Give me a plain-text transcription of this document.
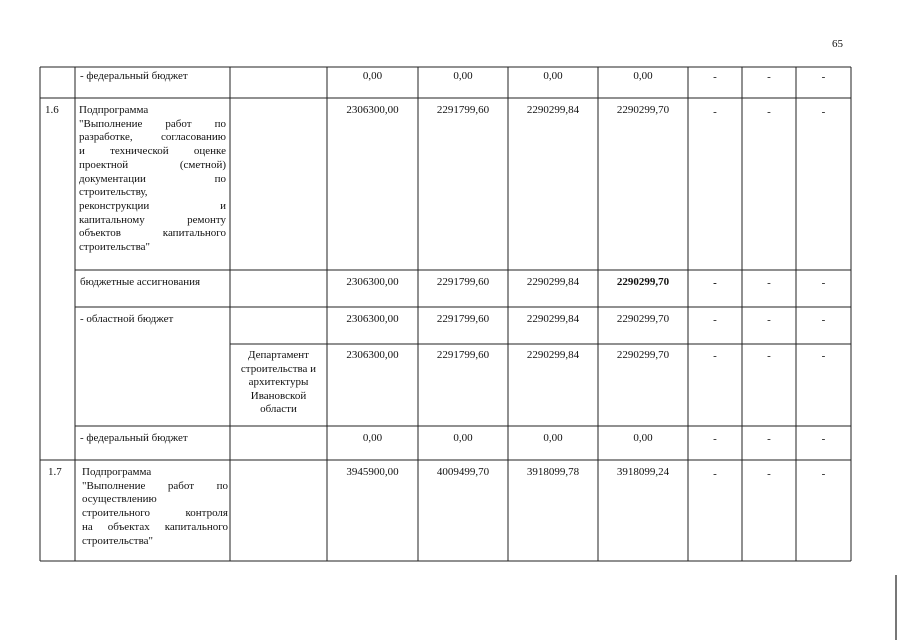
65
- федеральный бюджет	0,00	0,00	0,00	0,00	-	-	-
1.6 Подпрограмма
"Выполнение работ по
разработке, согласованию
и технической оценке
проектной (сметной)
документации по
строительству,
реконструкции и
капитальному ремонту
объектов капитального
строительства"
2306300,00	2291799,60	2290299,84	2290299,70	-	-	-
бюджетные ассигнования	2306300,00	2291799,60	2290299,84	2290299,70	-	-	-
- областной бюджет	2306300,00	2291799,60	2290299,84	2290299,70	-	-	-
Департамент
строительства и
архитектуры
Ивановской
области
2306300,00	2291799,60	2290299,84	2290299,70	-	-	-
- федеральный бюджет	0,00	0,00	0,00	0,00	-	-	-
1.7 Подпрограмма
"Выполнение работ по
осуществлению
строительного контроля
на объектах капитального
строительства"
3945900,00	4009499,70	3918099,78	3918099,24	-	-	-
